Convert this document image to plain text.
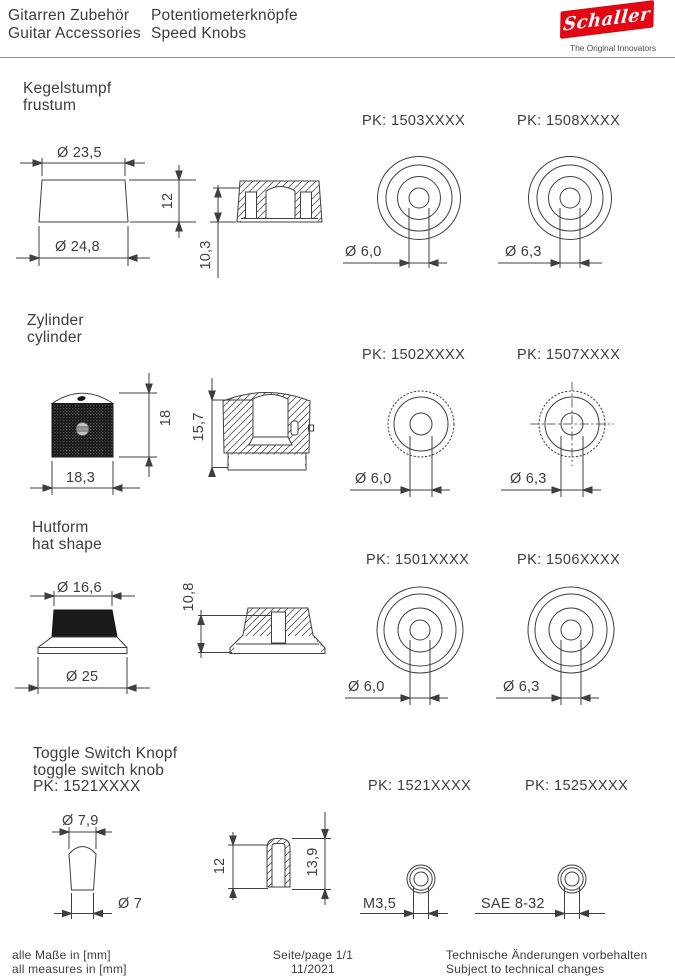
Gitarren Zubehör
Guitar Accessories
Potentiometerknöpfe
Speed Knobs	Schaller
The Original Innovators
Kegelstumpf
frustum
PK: 1503XXXX	PK: 1508XXXX
Ø 23,5
12
Ø 24,8	10,3	Ø 6,0	Ø 6,3
Zylinder
cylinder
PK: 1502XXXX	PK: 1507XXXX
18
18,3
15,7
Ø 6,0	Ø 6,3
Hutform
hat shape
PK: 1501XXXX	PK: 1506XXXX
Ø 16,6	10,8
Ø 25
Ø 6,0	Ø 6,3
Toggle Switch Knopf
toggle switch knob
PK: 1521XXXX	PK: 1521XXXX	PK: 1525XXXX
Ø 7,9
Ø 7
12	13,9
M3,5	SAE 8-32
alle Maße in [mm]
all measures in [mm]
Seite/page 1/1
11/2021
Technische Änderungen vorbehalten
Subject to technical changes
